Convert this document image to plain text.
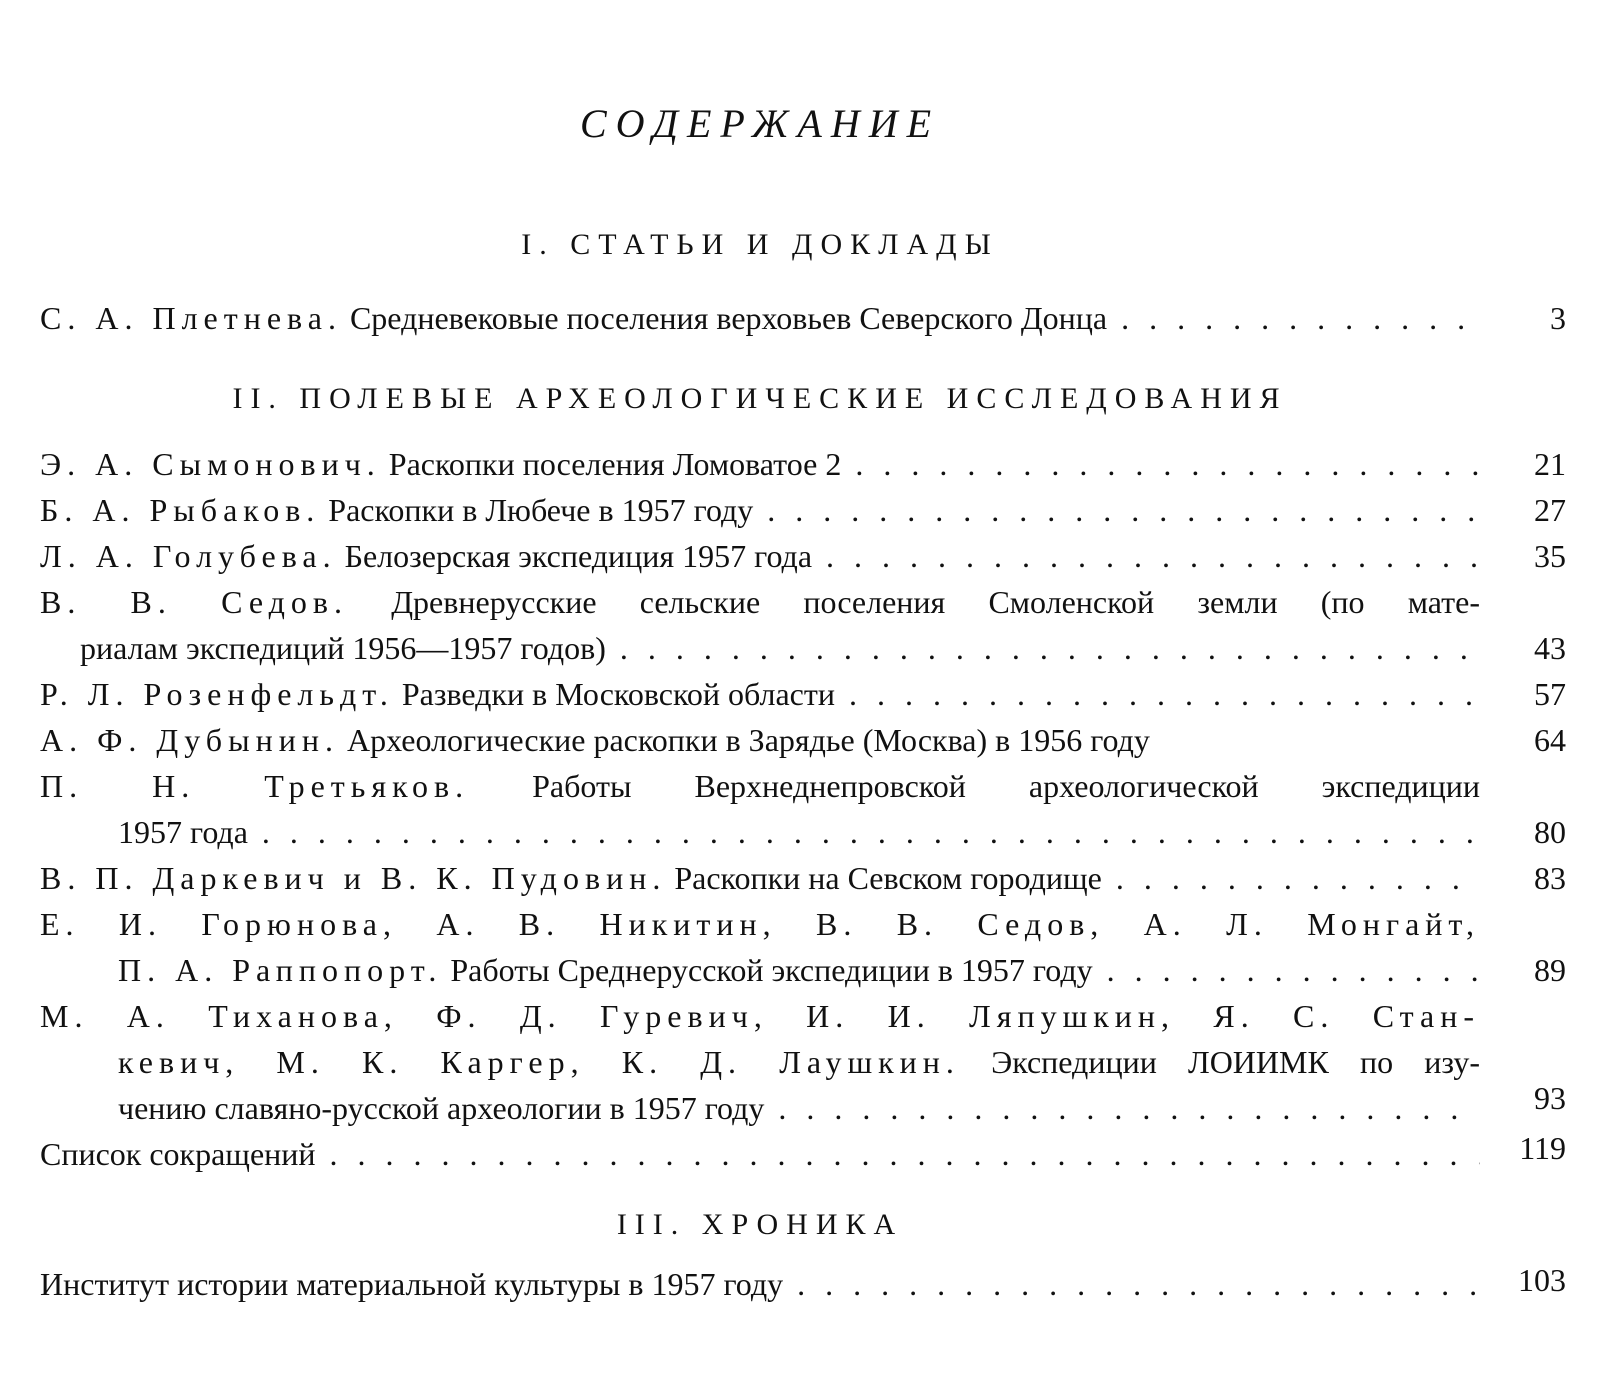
СОДЕРЖАНИЕ
I. СТАТЬИ И ДОКЛАДЫ
С. А. Плетнева. Средневековые поселения верховьев Северского Донца . . .	3
II. ПОЛЕВЫЕ АРХЕОЛОГИЧЕСКИЕ ИССЛЕДОВАНИЯ
Э. А. Сымонович. Раскопки поселения Ломоватое 2 . . .	21
Б. А. Рыбаков. Раскопки в Любече в 1957 году . . .	27
Л. А. Голубева. Белозерская экспедиция 1957 года . . .	35
В. В. Седов. Древнерусские сельские поселения Смоленской земли (по мате-
риалам экспедиций 1956—1957 годов) . . .	43
Р. Л. Розенфельдт. Разведки в Московской области . . .	57
А. Ф. Дубынин. Археологические раскопки в Зарядье (Москва) в 1956 году	64
П. Н. Третьяков. Работы Верхнеднепровской археологической экспедиции
1957 года . . .	80
В. П. Даркевич и В. К. Пудовин. Раскопки на Севском городище . . .	83
Е. И. Горюнова, А. В. Никитин, В. В. Седов, А. Л. Монгайт,
П. А. Раппопорт. Работы Среднерусской экспедиции в 1957 году . . .	89
М. А. Тиханова, Ф. Д. Гуревич, И. И. Ляпушкин, Я. С. Стан-
кевич, М. К. Каргер, К. Д. Лаушкин. Экспедиции ЛОИИМК по изу-
чению славяно-русской археологии в 1957 году . . .	93
Список сокращений . . .	119
III. ХРОНИКА
Институт истории материальной культуры в 1957 году . . .	103
